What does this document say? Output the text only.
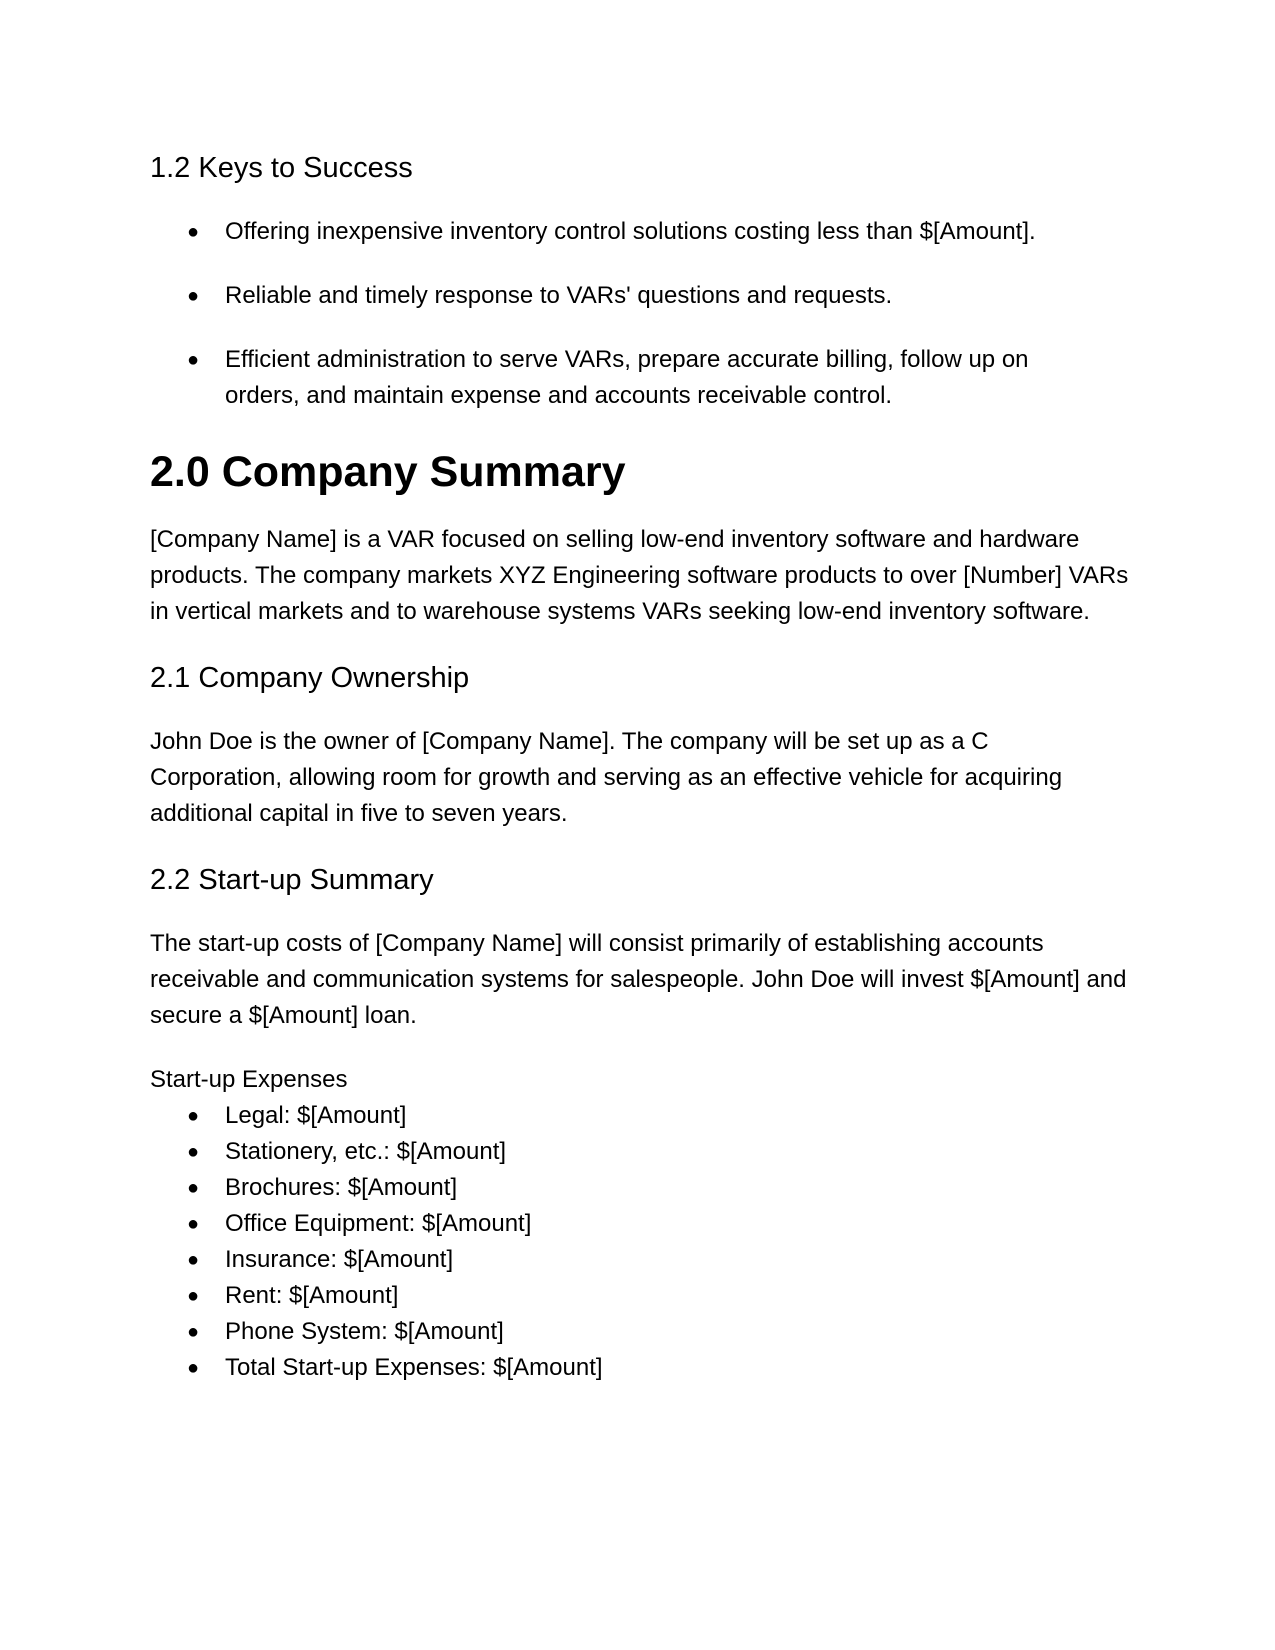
1.2 Keys to Success
● Offering inexpensive inventory control solutions costing less than $[Amount].
● Reliable and timely response to VARs' questions and requests.
● Efficient administration to serve VARs, prepare accurate billing, follow up on orders, and maintain expense and accounts receivable control.
2.0 Company Summary

[Company Name] is a VAR focused on selling low-end inventory software and hardware products. The company markets XYZ Engineering software products to over [Number] VARs in vertical markets and to warehouse systems VARs seeking low-end inventory software.

2.1 Company Ownership

John Doe is the owner of [Company Name]. The company will be set up as a C Corporation, allowing room for growth and serving as an effective vehicle for acquiring additional capital in five to seven years.

2.2 Start-up Summary

The start-up costs of [Company Name] will consist primarily of establishing accounts receivable and communication systems for salespeople. John Doe will invest $[Amount] and secure a $[Amount] loan.

Start-up Expenses

● Legal: $[Amount]
● Stationery, etc.: $[Amount]
● Brochures: $[Amount]
● Office Equipment: $[Amount]
● Insurance: $[Amount]
● Rent: $[Amount]
● Phone System: $[Amount]
● Total Start-up Expenses: $[Amount]
